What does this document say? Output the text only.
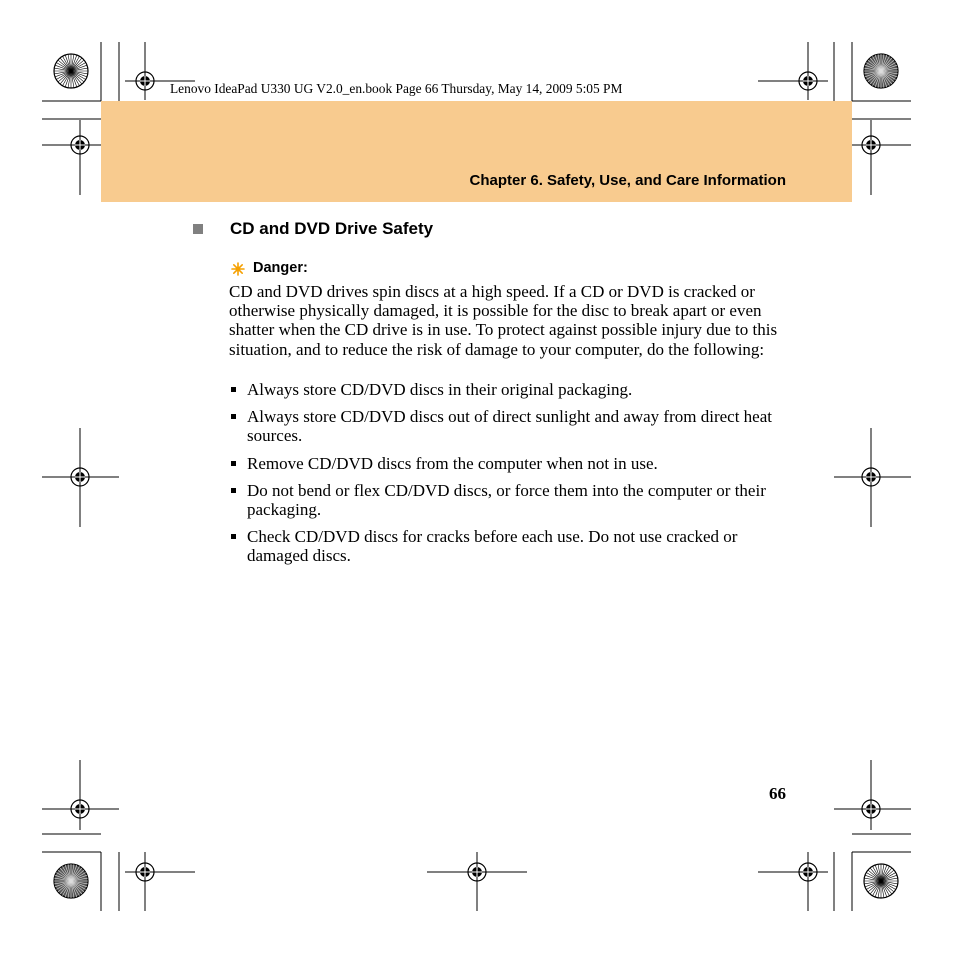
Lenovo IdeaPad U330 UG V2.0_en.book Page 66 Thursday, May 14, 2009 5:05 PM
Chapter 6. Safety, Use, and Care Information
CD and DVD Drive Safety
Danger:
CD and DVD drives spin discs at a high speed. If a CD or DVD is cracked or otherwise physically damaged, it is possible for the disc to break apart or even shatter when the CD drive is in use. To protect against possible injury due to this situation, and to reduce the risk of damage to your computer, do the following:
Always store CD/DVD discs in their original packaging.
Always store CD/DVD discs out of direct sunlight and away from direct heat sources.
Remove CD/DVD discs from the computer when not in use.
Do not bend or flex CD/DVD discs, or force them into the computer or their packaging.
Check CD/DVD discs for cracks before each use. Do not use cracked or damaged discs.
66
